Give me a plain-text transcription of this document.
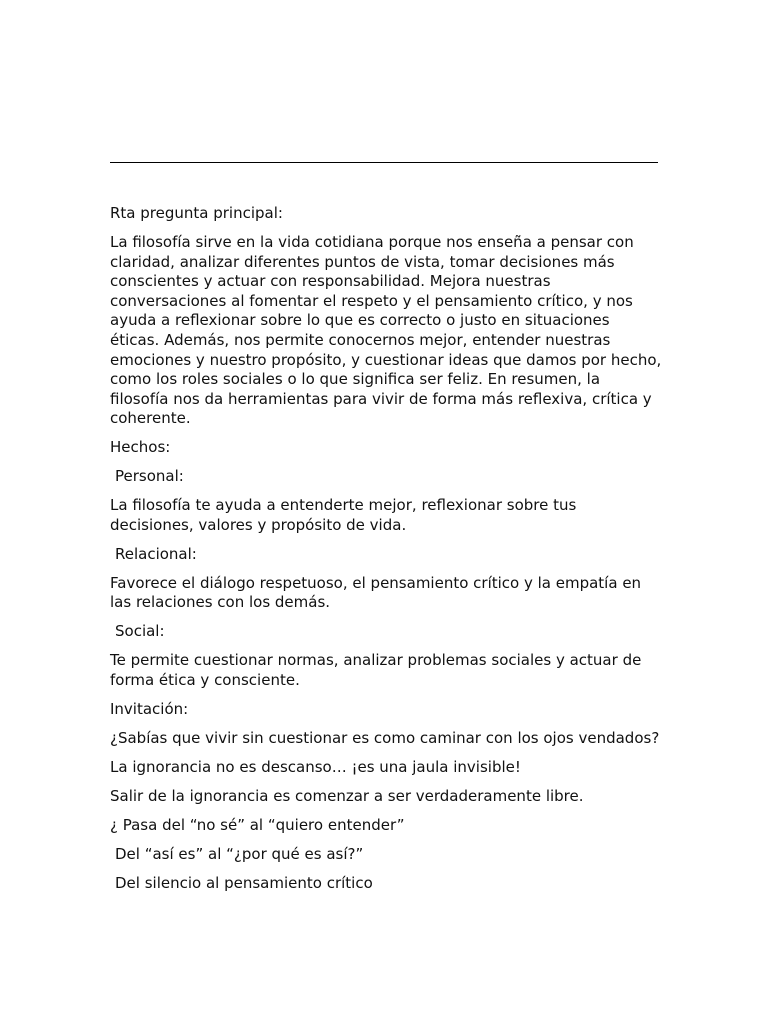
Rta pregunta principal:

La filosofía sirve en la vida cotidiana porque nos enseña a pensar con claridad, analizar diferentes puntos de vista, tomar decisiones más conscientes y actuar con responsabilidad. Mejora nuestras conversaciones al fomentar el respeto y el pensamiento crítico, y nos ayuda a reflexionar sobre lo que es correcto o justo en situaciones éticas. Además, nos permite conocernos mejor, entender nuestras emociones y nuestro propósito, y cuestionar ideas que damos por hecho, como los roles sociales o lo que significa ser feliz. En resumen, la filosofía nos da herramientas para vivir de forma más reflexiva, crítica y coherente.

Hechos:

Personal:

La filosofía te ayuda a entenderte mejor, reflexionar sobre tus decisiones, valores y propósito de vida.

Relacional:

Favorece el diálogo respetuoso, el pensamiento crítico y la empatía en las relaciones con los demás.

Social:

Te permite cuestionar normas, analizar problemas sociales y actuar de forma ética y consciente.

Invitación:

¿Sabías que vivir sin cuestionar es como caminar con los ojos vendados?

La ignorancia no es descanso… ¡es una jaula invisible!

Salir de la ignorancia es comenzar a ser verdaderamente libre.

¿ Pasa del “no sé” al “quiero entender”

Del “así es” al “¿por qué es así?”

Del silencio al pensamiento crítico
